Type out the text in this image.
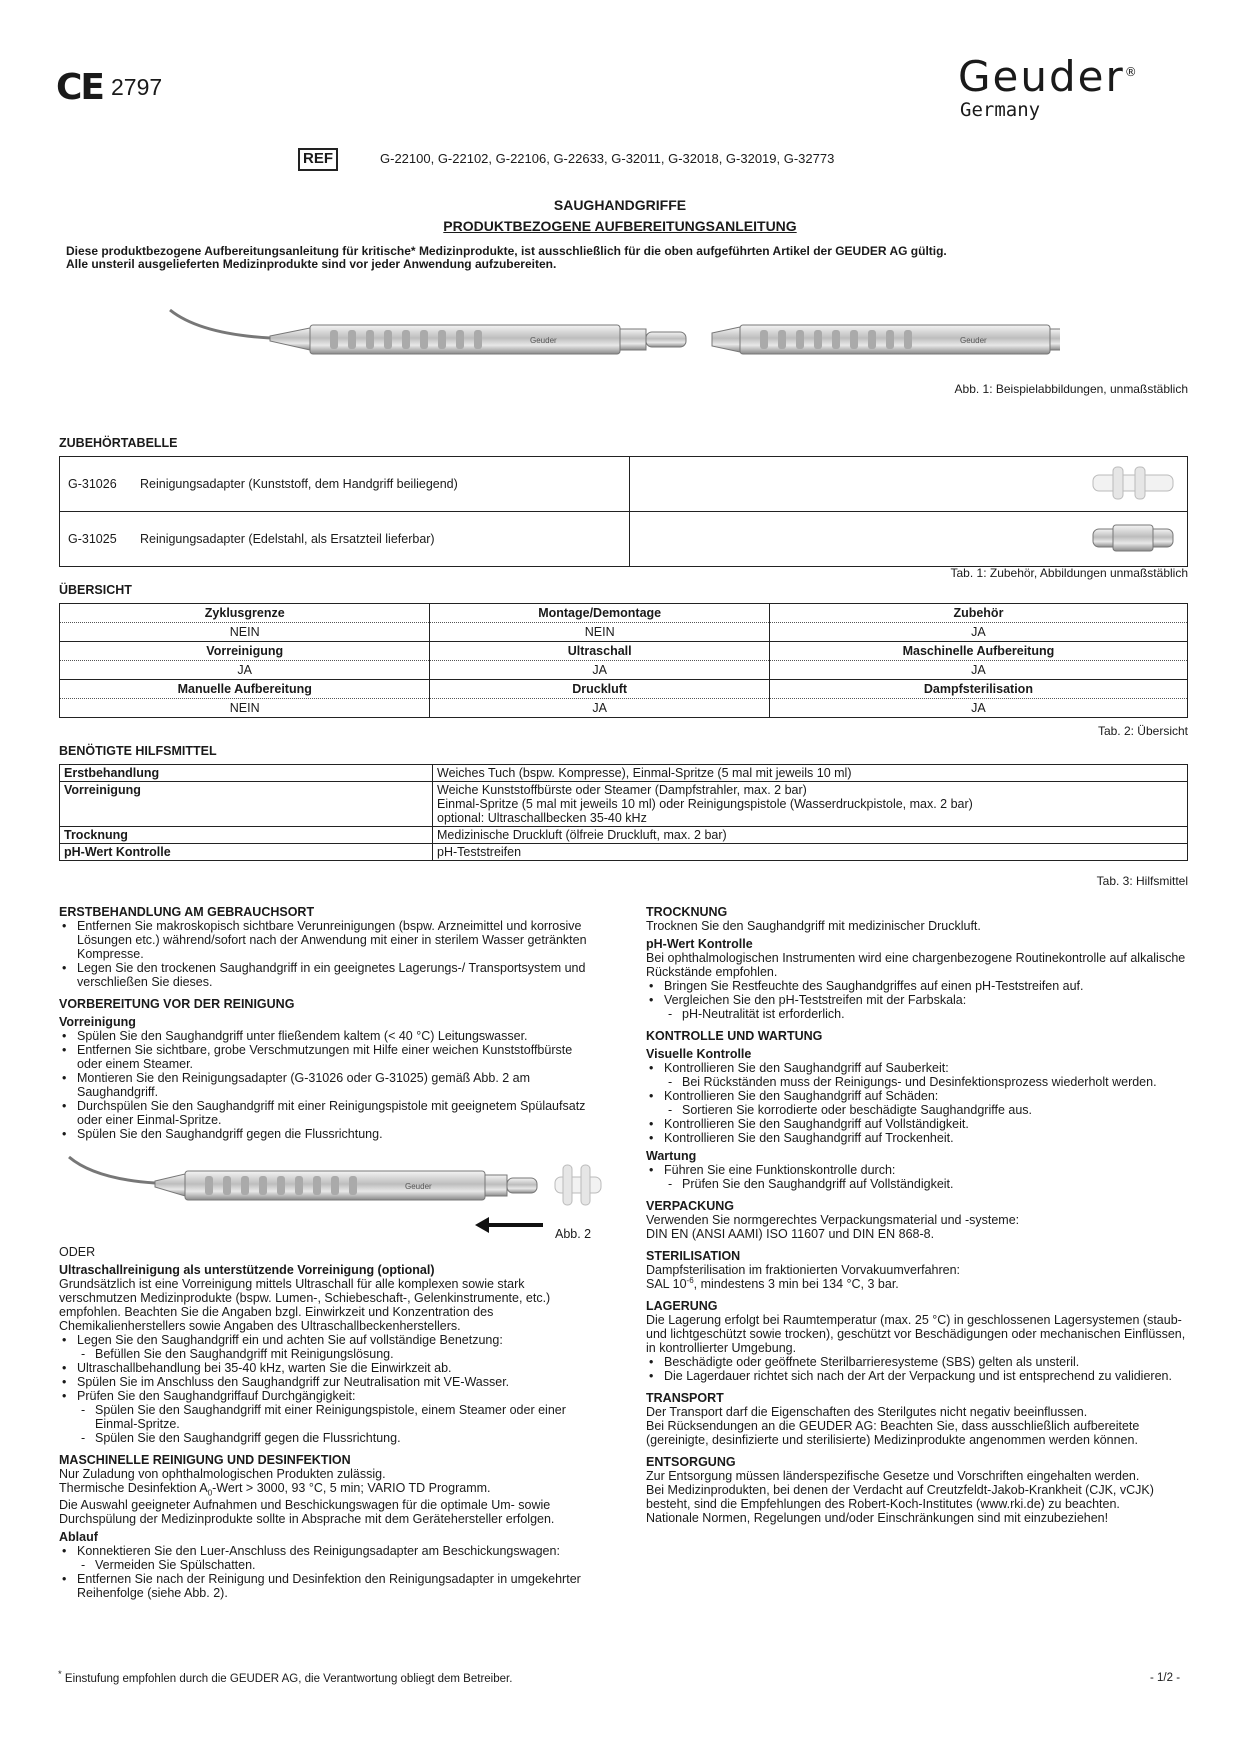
CE 2797	Geuder®
Germany
REF	G-22100, G-22102, G-22106, G-22633, G-32011, G-32018, G-32019, G-32773
SAUGHANDGRIFFE
PRODUKTBEZOGENE AUFBEREITUNGSANLEITUNG
Diese produktbezogene Aufbereitungsanleitung für kritische* Medizinprodukte, ist ausschließlich für die oben aufgeführten Artikel der GEUDER AG gültig.
Alle unsteril ausgelieferten Medizinprodukte sind vor jeder Anwendung aufzubereiten.
Geuder	Geuder
Abb. 1: Beispielabbildungen, unmaßstäblich
ZUBEHÖRTABELLE
G-31026 Reinigungsadapter (Kunststoff, dem Handgriff beiliegend)	
G-31025 Reinigungsadapter (Edelstahl, als Ersatzteil lieferbar)	
Tab. 1: Zubehör, Abbildungen unmaßstäblich
ÜBERSICHT
Zyklusgrenze	Montage/Demontage	Zubehör
NEIN	NEIN	JA
Vorreinigung	Ultraschall	Maschinelle Aufbereitung
JA	JA	JA
Manuelle Aufbereitung	Druckluft	Dampfsterilisation
NEIN	JA	JA
Tab. 2: Übersicht
BENÖTIGTE HILFSMITTEL
Erstbehandlung	Weiches Tuch (bspw. Kompresse), Einmal-Spritze (5 mal mit jeweils 10 ml)

Vorreinigung	Weiche Kunststoffbürste oder Steamer (Dampfstrahler, max. 2 bar)
Einmal-Spritze (5 mal mit jeweils 10 ml) oder Reinigungspistole (Wasserdruckpistole, max. 2 bar)
optional: Ultraschallbecken 35-40 kHz

Trocknung	Medizinische Druckluft (ölfreie Druckluft, max. 2 bar)

pH-Wert Kontrolle	pH-Teststreifen
Tab. 3: Hilfsmittel

ERSTBEHANDLUNG AM GEBRAUCHSORT

• Entfernen Sie makroskopisch sichtbare Verunreinigungen (bspw. Arzneimittel und korrosive Lösungen etc.) während/sofort nach der Anwendung mit einer in sterilem Wasser getränkten Kompresse.
• Legen Sie den trockenen Saughandgriff in ein geeignetes Lagerungs-/ Transportsystem und verschließen Sie dieses.

VORBEREITUNG VOR DER REINIGUNG

Vorreinigung

• Spülen Sie den Saughandgriff unter fließendem kaltem (< 40 °C) Leitungswasser.
• Entfernen Sie sichtbare, grobe Verschmutzungen mit Hilfe einer weichen Kunststoffbürste oder einem Steamer.
• Montieren Sie den Reinigungsadapter (G-31026 oder G-31025) gemäß Abb. 2 am Saughandgriff.
• Durchspülen Sie den Saughandgriff mit einer Reinigungspistole mit geeignetem Spülaufsatz oder einer Einmal-Spritze.
• Spülen Sie den Saughandgriff gegen die Flussrichtung.
Geuder
Abb. 2

ODER

Ultraschallreinigung als unterstützende Vorreinigung (optional)

Grundsätzlich ist eine Vorreinigung mittels Ultraschall für alle komplexen sowie stark verschmutzen Medizinprodukte (bspw. Lumen-, Schiebeschaft-, Gelenkinstrumente, etc.) empfohlen. Beachten Sie die Angaben bzgl. Einwirkzeit und Konzentration des Chemikalienherstellers sowie Angaben des Ultraschallbeckenherstellers.

• Legen Sie den Saughandgriff ein und achten Sie auf vollständige Benetzung:
- Befüllen Sie den Saughandgriff mit Reinigungslösung.
• Ultraschallbehandlung bei 35-40 kHz, warten Sie die Einwirkzeit ab.
• Spülen Sie im Anschluss den Saughandgriff zur Neutralisation mit VE-Wasser.
• Prüfen Sie den Saughandgriffauf Durchgängigkeit:
- Spülen Sie den Saughandgriff mit einer Reinigungspistole, einem Steamer oder einer Einmal-Spritze.
- Spülen Sie den Saughandgriff gegen die Flussrichtung.

MASCHINELLE REINIGUNG UND DESINFEKTION

Nur Zuladung von ophthalmologischen Produkten zulässig.

Thermische Desinfektion $A_0$-Wert > 3000, 93 °C, 5 min; VARIO TD Programm.

Die Auswahl geeigneter Aufnahmen und Beschickungswagen für die optimale Um- sowie Durchspülung der Medizinprodukte sollte in Absprache mit dem Gerätehersteller erfolgen.

Ablauf

• Konnektieren Sie den Luer-Anschluss des Reinigungsadapter am Beschickungswagen:
- Vermeiden Sie Spülschatten.
• Entfernen Sie nach der Reinigung und Desinfektion den Reinigungsadapter in umgekehrter Reihenfolge (siehe Abb. 2).

TROCKNUNG

Trocknen Sie den Saughandgriff mit medizinischer Druckluft.

pH-Wert Kontrolle

Bei ophthalmologischen Instrumenten wird eine chargenbezogene Routinekontrolle auf alkalische Rückstände empfohlen.

• Bringen Sie Restfeuchte des Saughandgriffes auf einen pH-Teststreifen auf.
• Vergleichen Sie den pH-Teststreifen mit der Farbskala:
- pH-Neutralität ist erforderlich.

KONTROLLE UND WARTUNG

Visuelle Kontrolle

• Kontrollieren Sie den Saughandgriff auf Sauberkeit:
- Bei Rückständen muss der Reinigungs- und Desinfektionsprozess wiederholt werden.
• Kontrollieren Sie den Saughandgriff auf Schäden:
- Sortieren Sie korrodierte oder beschädigte Saughandgriffe aus.
• Kontrollieren Sie den Saughandgriff auf Vollständigkeit.
• Kontrollieren Sie den Saughandgriff auf Trockenheit.

Wartung

• Führen Sie eine Funktionskontrolle durch:
- Prüfen Sie den Saughandgriff auf Vollständigkeit.

VERPACKUNG

Verwenden Sie normgerechtes Verpackungsmaterial und -systeme:

DIN EN (ANSI AAMI) ISO 11607 und DIN EN 868-8.

STERILISATION

Dampfsterilisation im fraktionierten Vorvakuumverfahren:

SAL $10^{-6}$, mindestens 3 min bei 134 °C, 3 bar.

LAGERUNG

Die Lagerung erfolgt bei Raumtemperatur (max. 25 °C) in geschlossenen Lagersystemen (staub- und lichtgeschützt sowie trocken), geschützt vor Beschädigungen oder mechanischen Einflüssen, in kontrollierter Umgebung.

• Beschädigte oder geöffnete Sterilbarrieresysteme (SBS) gelten als unsteril.
• Die Lagerdauer richtet sich nach der Art der Verpackung und ist entsprechend zu validieren.

TRANSPORT

Der Transport darf die Eigenschaften des Sterilgutes nicht negativ beeinflussen.

Bei Rücksendungen an die GEUDER AG: Beachten Sie, dass ausschließlich aufbereitete (gereinigte, desinfizierte und sterilisierte) Medizinprodukte angenommen werden können.

ENTSORGUNG

Zur Entsorgung müssen länderspezifische Gesetze und Vorschriften eingehalten werden.

Bei Medizinprodukten, bei denen der Verdacht auf Creutzfeldt-Jakob-Krankheit (CJK, vCJK) besteht, sind die Empfehlungen des Robert-Koch-Institutes (www.rki.de) zu beachten.

Nationale Normen, Regelungen und/oder Einschränkungen sind mit einzubeziehen!

* Einstufung empfohlen durch die GEUDER AG, die Verantwortung obliegt dem Betreiber.	- 1/2 -
